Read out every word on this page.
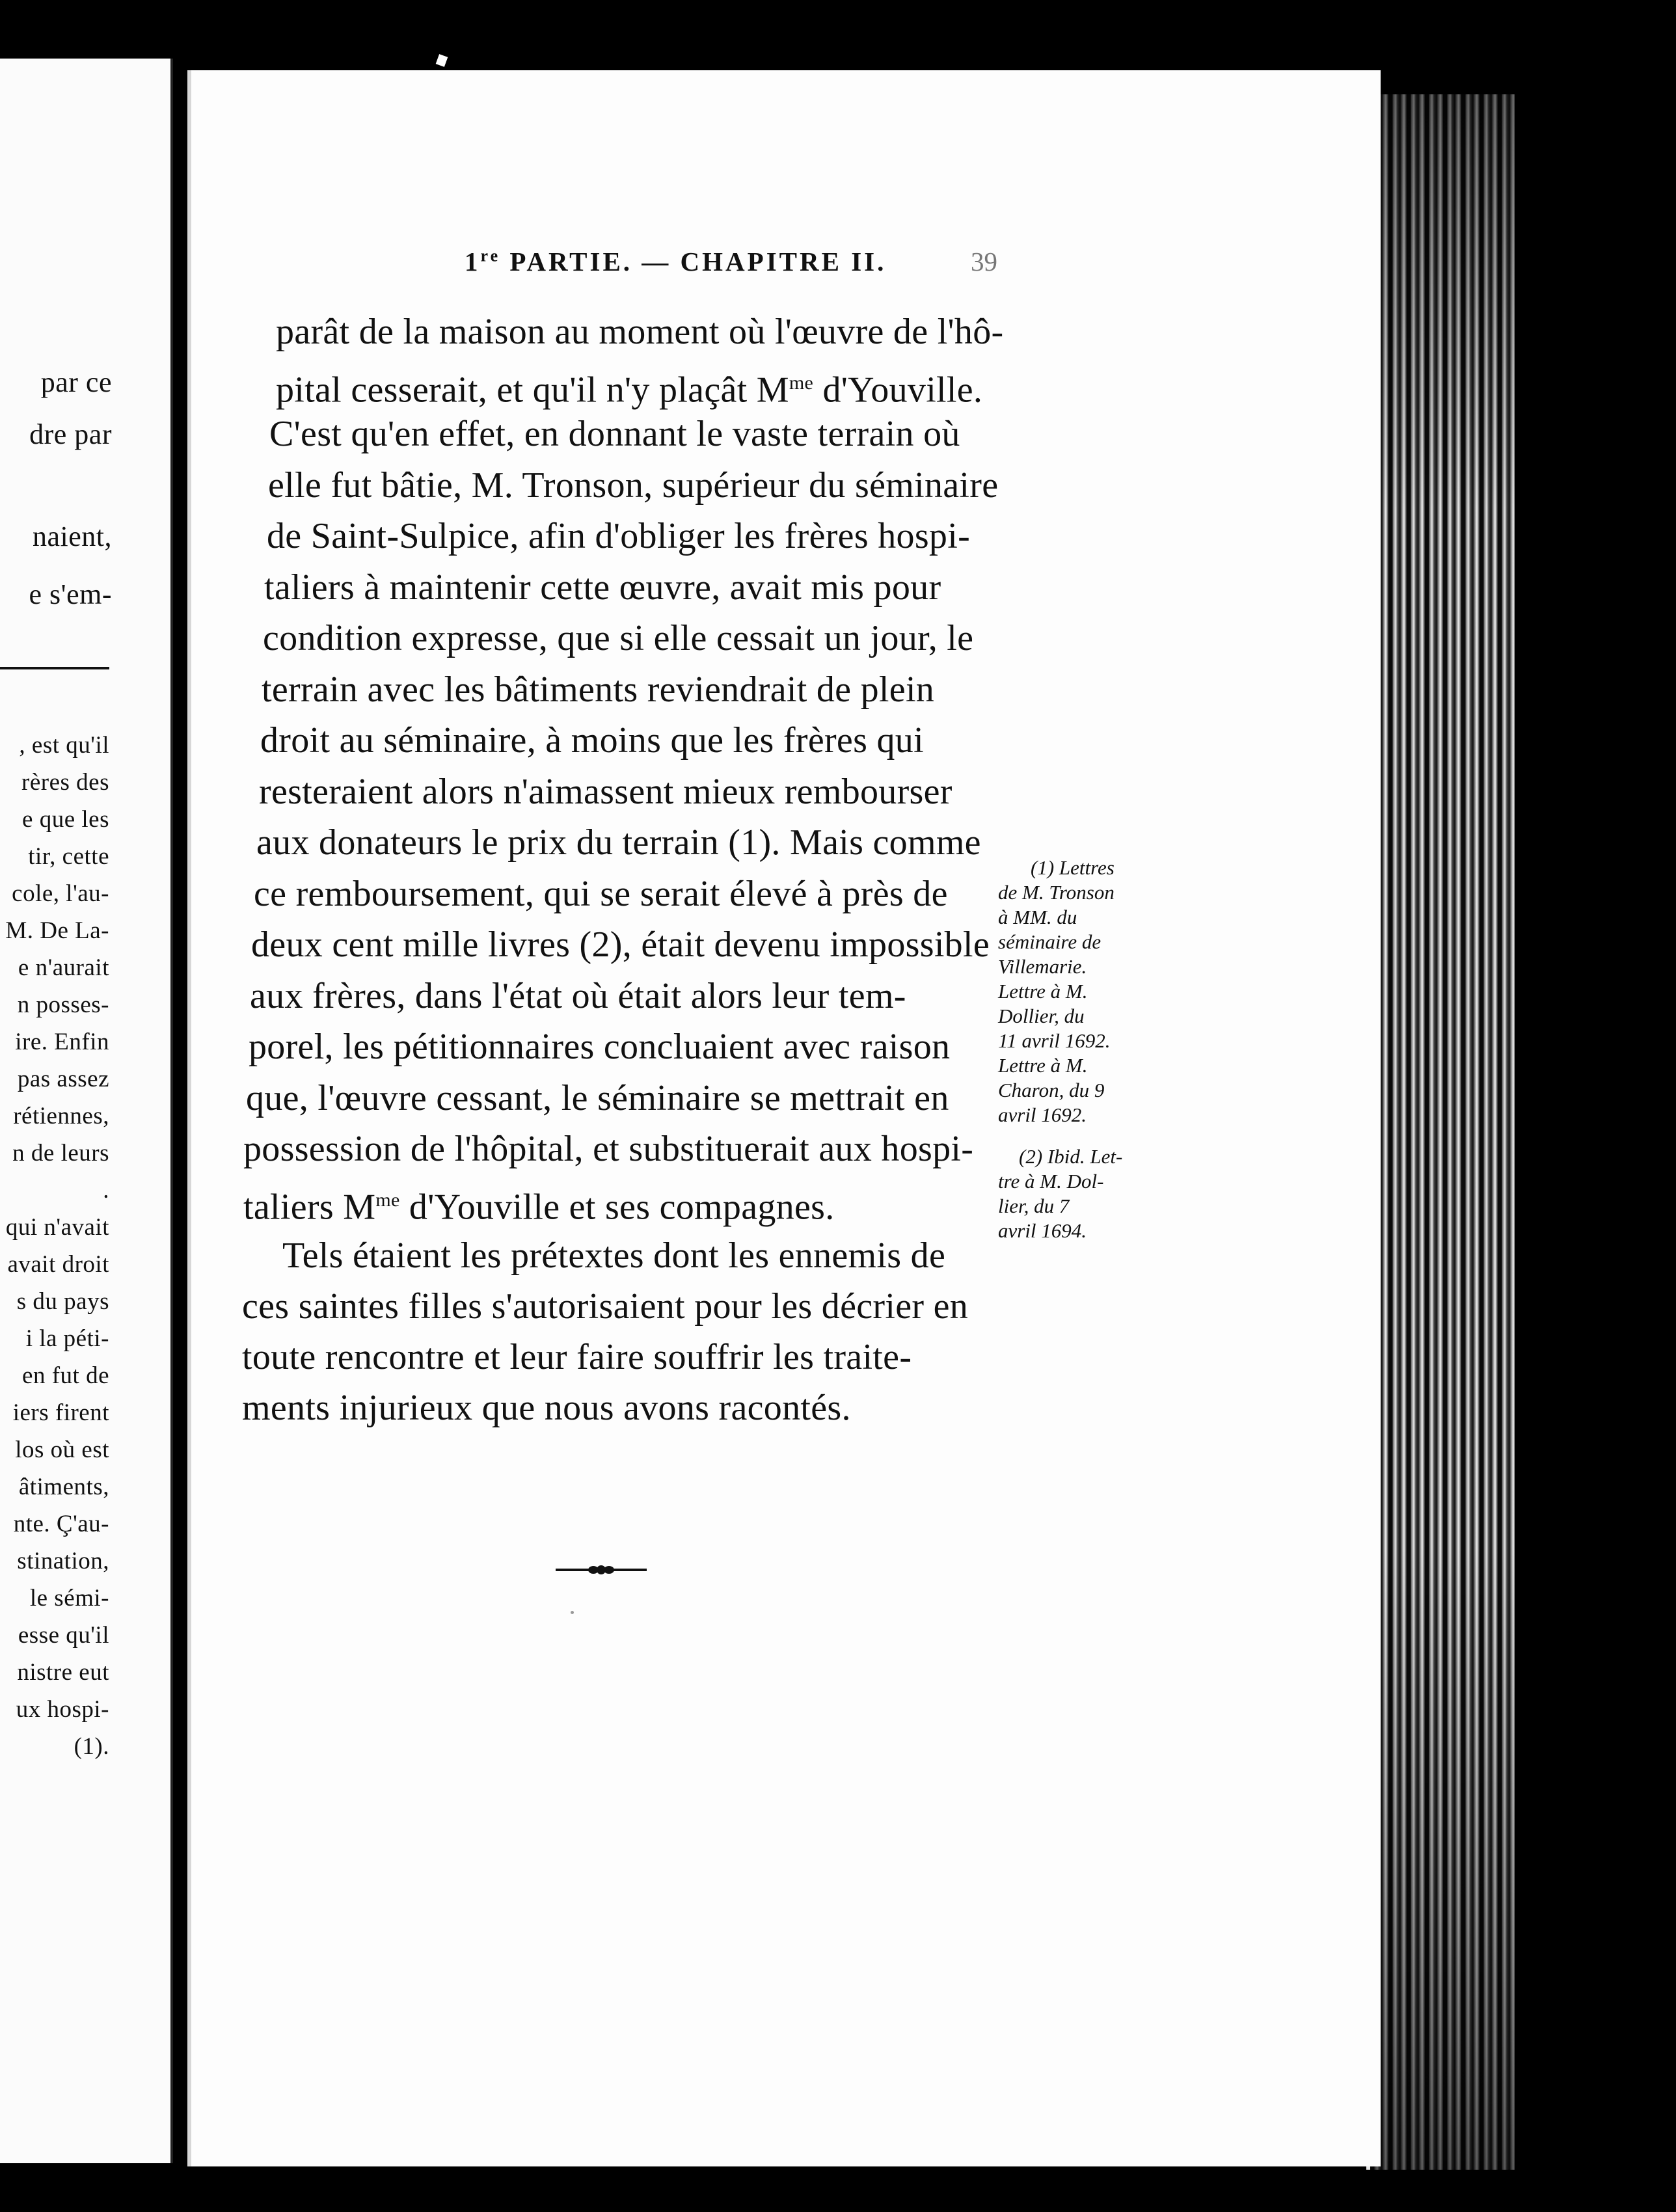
par ce
dre par
naient,
e s'em-
, est qu'il
rères des
e que les
tir, cette
cole, l'au-
M. De La-
e n'aurait
n posses-
ire. Enfin
pas assez
rétiennes,
n de leurs
.
qui n'avait
avait droit
s du pays
i la péti-
en fut de
iers firent
los où est
âtiments,
nte. Ç'au-
stination,
le sémi-
esse qu'il
nistre eut
ux hospi-
(1).
1re PARTIE. — CHAPITRE II.	39
parât de la maison au moment où l'œuvre de l'hô-
pital cesserait, et qu'il n'y plaçât $M^{me}$ d'Youville.
C'est qu'en effet, en donnant le vaste terrain où
elle fut bâtie, M. Tronson, supérieur du séminaire
de Saint-Sulpice, afin d'obliger les frères hospi-
taliers à maintenir cette œuvre, avait mis pour
condition expresse, que si elle cessait un jour, le
terrain avec les bâtiments reviendrait de plein
droit au séminaire, à moins que les frères qui
resteraient alors n'aimassent mieux rembourser
aux donateurs le prix du terrain (1). Mais comme
ce remboursement, qui se serait élevé à près de
deux cent mille livres (2), était devenu impossible
aux frères, dans l'état où était alors leur tem-
porel, les pétitionnaires concluaient avec raison
que, l'œuvre cessant, le séminaire se mettrait en
possession de l'hôpital, et substituerait aux hospi-
taliers $M^{me}$ d'Youville et ses compagnes.
Tels étaient les prétextes dont les ennemis de
ces saintes filles s'autorisaient pour les décrier en
toute rencontre et leur faire souffrir les traite-
ments injurieux que nous avons racontés.
(1) Lettres
de M. Tronson
à MM. du
séminaire de
Villemarie.
Lettre à M.
Dollier, du
11 avril 1692.
Lettre à M.
Charon, du 9
avril 1692.
(2) Ibid. Let-
tre à M. Dol-
lier, du 7
avril 1694.
